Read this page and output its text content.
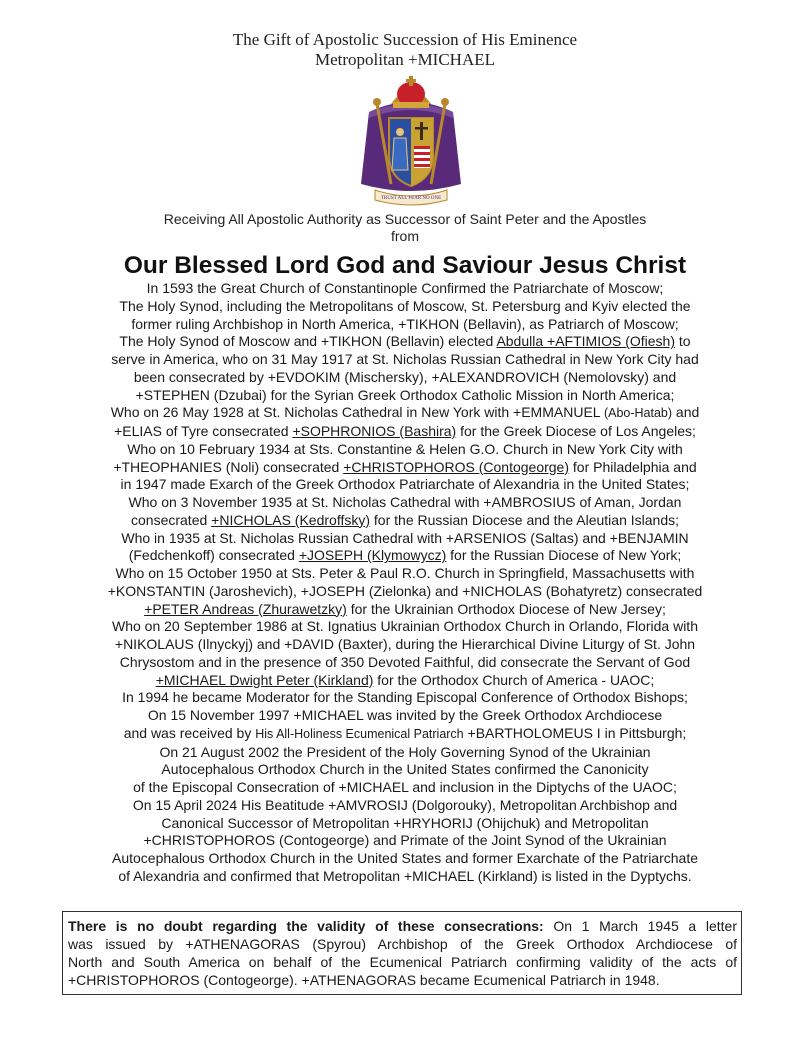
The Gift of Apostolic Succession of His Eminence
Metropolitan +MICHAEL
TRUST ALL FEAR NO ONE
Receiving All Apostolic Authority as Successor of Saint Peter and the Apostles
from
Our Blessed Lord God and Saviour Jesus Christ
In 1593 the Great Church of Constantinople Confirmed the Patriarchate of Moscow;
The Holy Synod, including the Metropolitans of Moscow, St. Petersburg and Kyiv elected the
former ruling Archbishop in North America, +TIKHON (Bellavin), as Patriarch of Moscow;
The Holy Synod of Moscow and +TIKHON (Bellavin) elected Abdulla +AFTIMIOS (Ofiesh) to
serve in America, who on 31 May 1917 at St. Nicholas Russian Cathedral in New York City had
been consecrated by +EVDOKIM (Mischersky), +ALEXANDROVICH (Nemolovsky) and
+STEPHEN (Dzubai) for the Syrian Greek Orthodox Catholic Mission in North America;
Who on 26 May 1928 at St. Nicholas Cathedral in New York with +EMMANUEL (Abo-Hatab) and
+ELIAS of Tyre consecrated +SOPHRONIOS (Bashira) for the Greek Diocese of Los Angeles;
Who on 10 February 1934 at Sts. Constantine & Helen G.O. Church in New York City with
+THEOPHANIES (Noli) consecrated +CHRISTOPHOROS (Contogeorge) for Philadelphia and
in 1947 made Exarch of the Greek Orthodox Patriarchate of Alexandria in the United States;
Who on 3 November 1935 at St. Nicholas Cathedral with +AMBROSIUS of Aman, Jordan
consecrated +NICHOLAS (Kedroffsky) for the Russian Diocese and the Aleutian Islands;
Who in 1935 at St. Nicholas Russian Cathedral with +ARSENIOS (Saltas) and +BENJAMIN
(Fedchenkoff) consecrated +JOSEPH (Klymowycz) for the Russian Diocese of New York;
Who on 15 October 1950 at Sts. Peter & Paul R.O. Church in Springfield, Massachusetts with
+KONSTANTIN (Jaroshevich), +JOSEPH (Zielonka) and +NICHOLAS (Bohatyretz) consecrated
+PETER Andreas (Zhurawetzky) for the Ukrainian Orthodox Diocese of New Jersey;
Who on 20 September 1986 at St. Ignatius Ukrainian Orthodox Church in Orlando, Florida with
+NIKOLAUS (Ilnyckyj) and +DAVID (Baxter), during the Hierarchical Divine Liturgy of St. John
Chrysostom and in the presence of 350 Devoted Faithful, did consecrate the Servant of God
+MICHAEL Dwight Peter (Kirkland) for the Orthodox Church of America - UAOC;
In 1994 he became Moderator for the Standing Episcopal Conference of Orthodox Bishops;
On 15 November 1997 +MICHAEL was invited by the Greek Orthodox Archdiocese
and was received by His All-Holiness Ecumenical Patriarch +BARTHOLOMEUS I in Pittsburgh;
On 21 August 2002 the President of the Holy Governing Synod of the Ukrainian
Autocephalous Orthodox Church in the United States confirmed the Canonicity
of the Episcopal Consecration of +MICHAEL and inclusion in the Diptychs of the UAOC;
On 15 April 2024 His Beatitude +AMVROSIJ (Dolgorouky), Metropolitan Archbishop and
Canonical Successor of Metropolitan +HRYHORIJ (Ohijchuk) and Metropolitan
+CHRISTOPHOROS (Contogeorge) and Primate of the Joint Synod of the Ukrainian
Autocephalous Orthodox Church in the United States and former Exarchate of the Patriarchate
of Alexandria and confirmed that Metropolitan +MICHAEL (Kirkland) is listed in the Dyptychs.
There is no doubt regarding the validity of these consecrations: On 1 March 1945 a letter
was issued by +ATHENAGORAS (Spyrou) Archbishop of the Greek Orthodox Archdiocese of
North and South America on behalf of the Ecumenical Patriarch confirming validity of the acts of
+CHRISTOPHOROS (Contogeorge). +ATHENAGORAS became Ecumenical Patriarch in 1948.
